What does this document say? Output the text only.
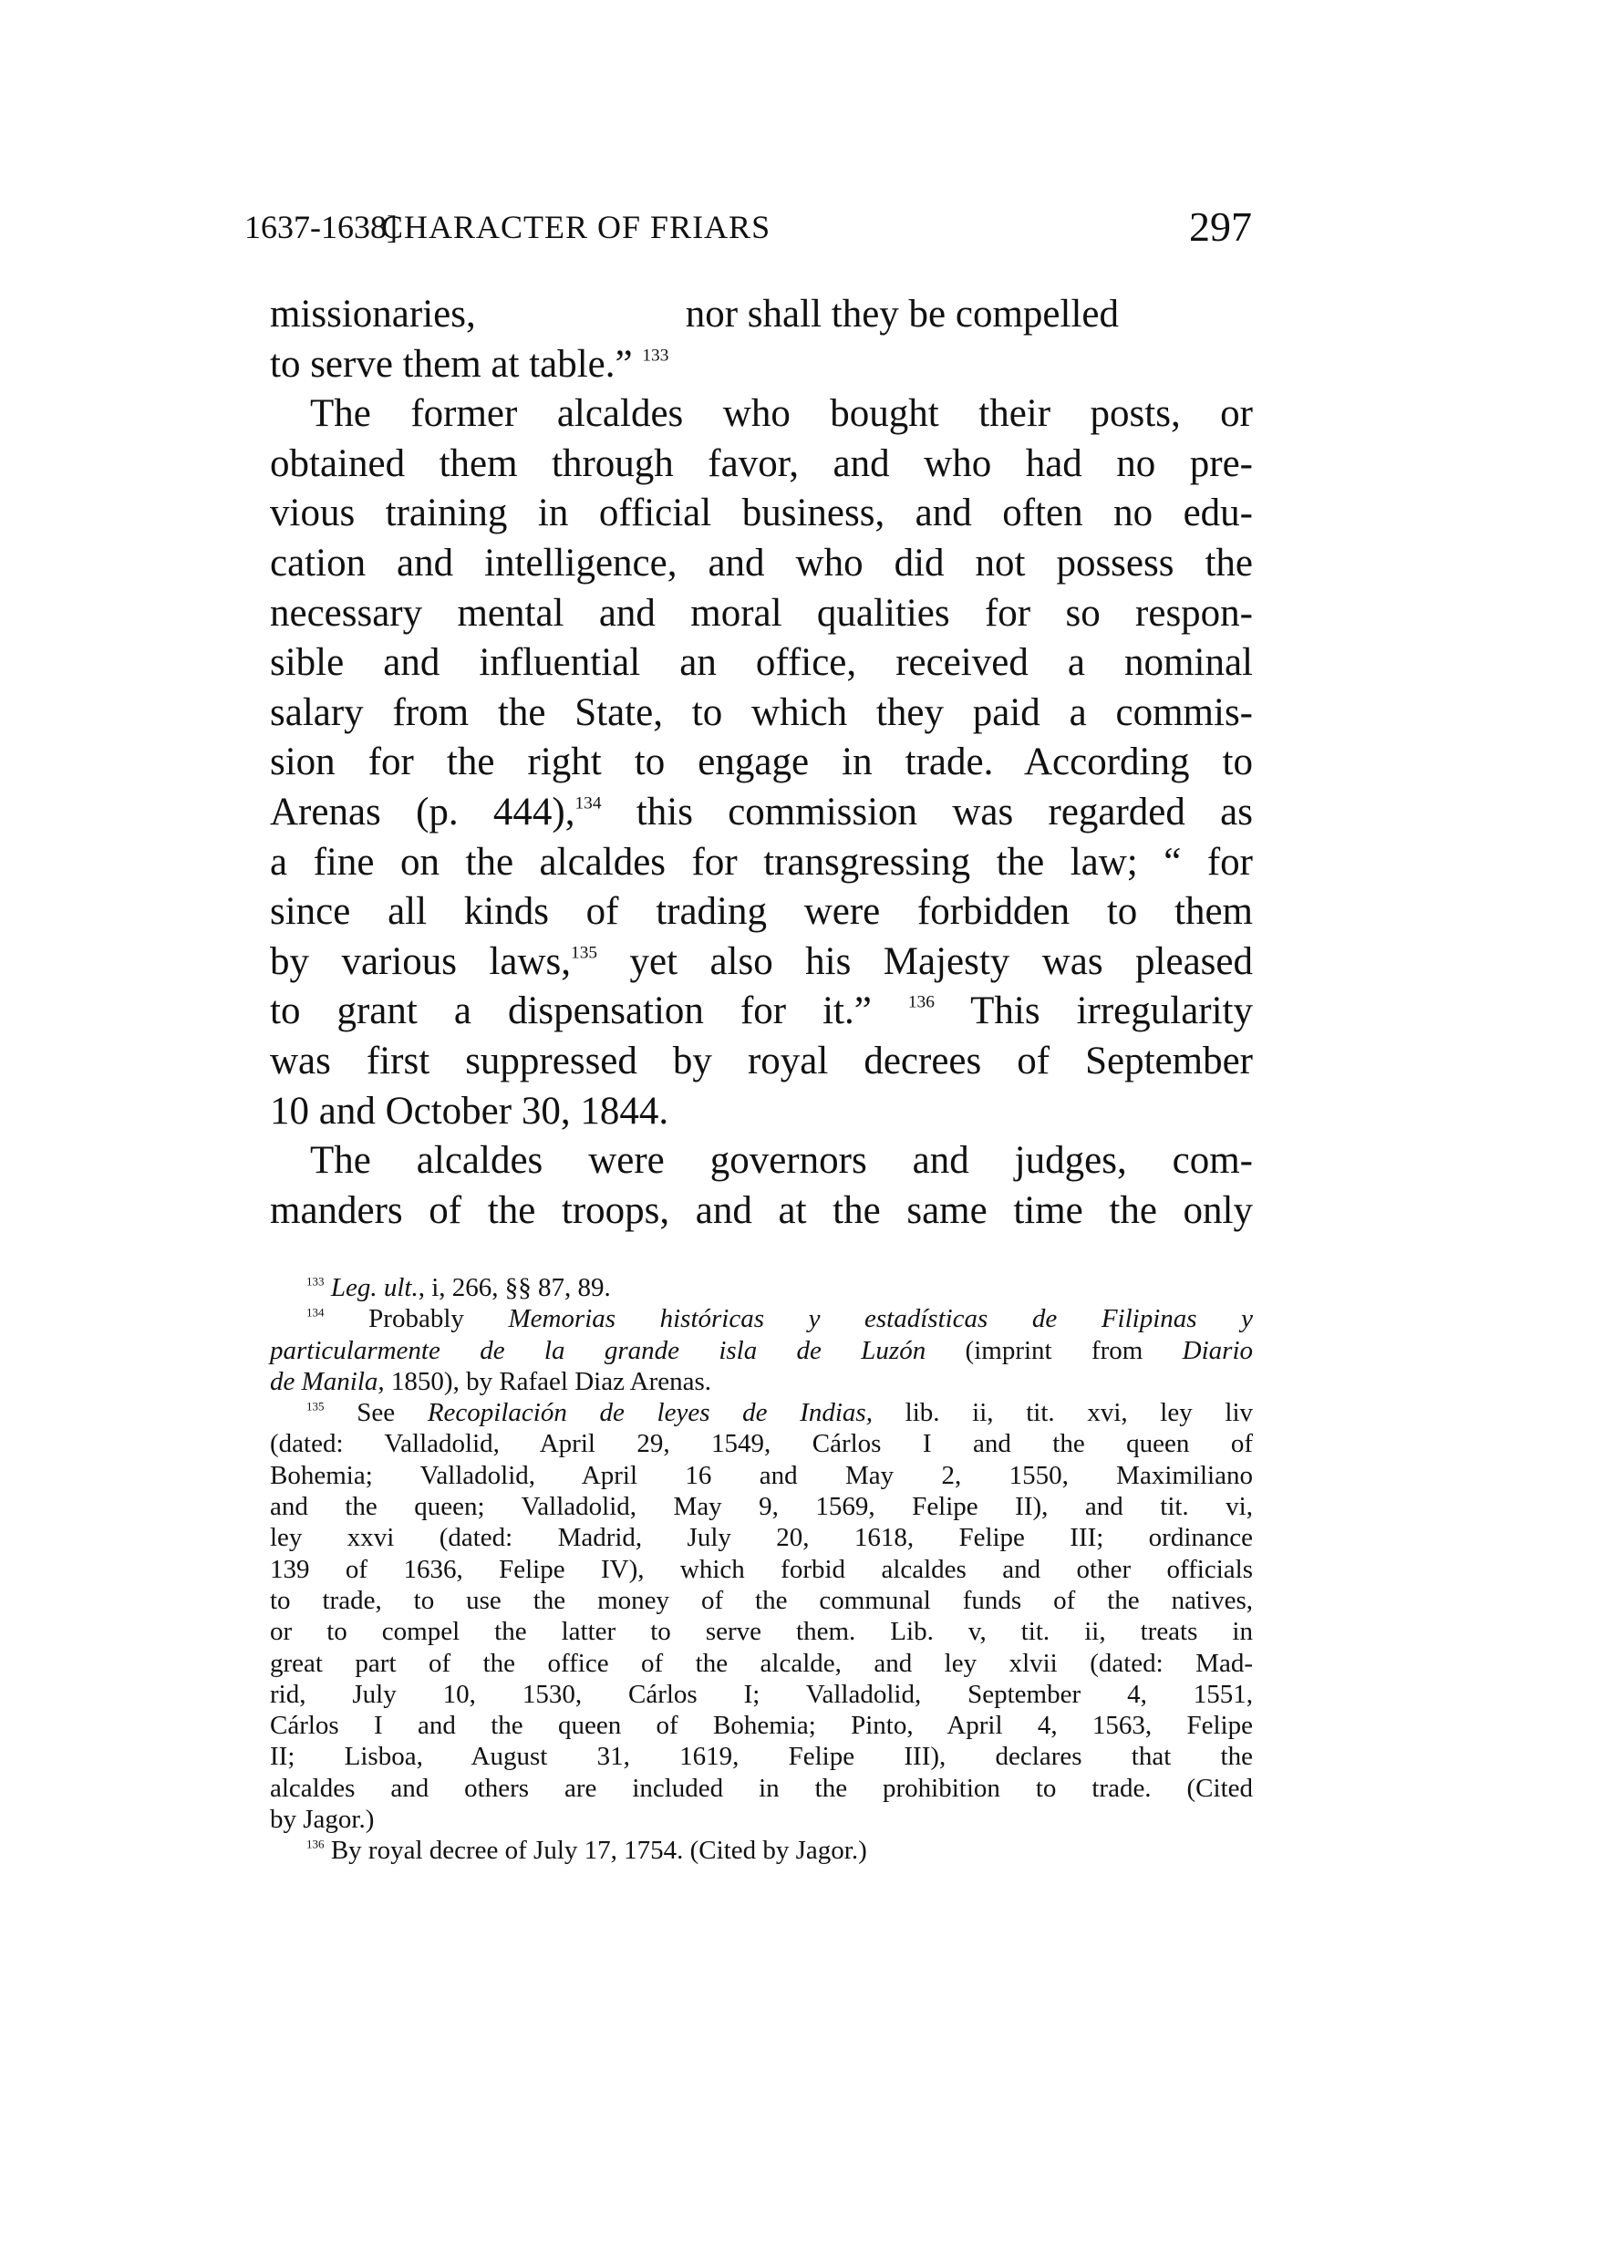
1637-1638]
CHARACTER OF FRIARS	297
missionaries,	nor shall they be compelled
to serve them at table.” $^{133}$
The former alcaldes who bought their posts, or
obtained them through favor, and who had no pre-
vious training in official business, and often no edu-
cation and intelligence, and who did not possess the
necessary mental and moral qualities for so respon-
sible and influential an office, received a nominal
salary from the State, to which they paid a commis-
sion for the right to engage in trade. According to
Arenas (p. 444),$^{134}$ this commission was regarded as
a fine on the alcaldes for transgressing the law; “ for
since all kinds of trading were forbidden to them
by various laws,$^{135}$ yet also his Majesty was pleased
to grant a dispensation for it.” $^{136}$ This irregularity
was first suppressed by royal decrees of September
10 and October 30, 1844.
The alcaldes were governors and judges, com-
manders of the troops, and at the same time the only
$^{133}$ Leg. ult., i, 266, §§ 87, 89.
$^{134}$ Probably Memorias históricas y estadísticas de Filipinas y
particularmente de la grande isla de Luzón (imprint from Diario
de Manila, 1850), by Rafael Diaz Arenas.
$^{135}$ See Recopilación de leyes de Indias, lib. ii, tit. xvi, ley liv
(dated: Valladolid, April 29, 1549, Cárlos I and the queen of
Bohemia; Valladolid, April 16 and May 2, 1550, Maximiliano
and the queen; Valladolid, May 9, 1569, Felipe II), and tit. vi,
ley xxvi (dated: Madrid, July 20, 1618, Felipe III; ordinance
139 of 1636, Felipe IV), which forbid alcaldes and other officials
to trade, to use the money of the communal funds of the natives,
or to compel the latter to serve them. Lib. v, tit. ii, treats in
great part of the office of the alcalde, and ley xlvii (dated: Mad-
rid, July 10, 1530, Cárlos I; Valladolid, September 4, 1551,
Cárlos I and the queen of Bohemia; Pinto, April 4, 1563, Felipe
II; Lisboa, August 31, 1619, Felipe III), declares that the
alcaldes and others are included in the prohibition to trade. (Cited
by Jagor.)
$^{136}$ By royal decree of July 17, 1754. (Cited by Jagor.)
